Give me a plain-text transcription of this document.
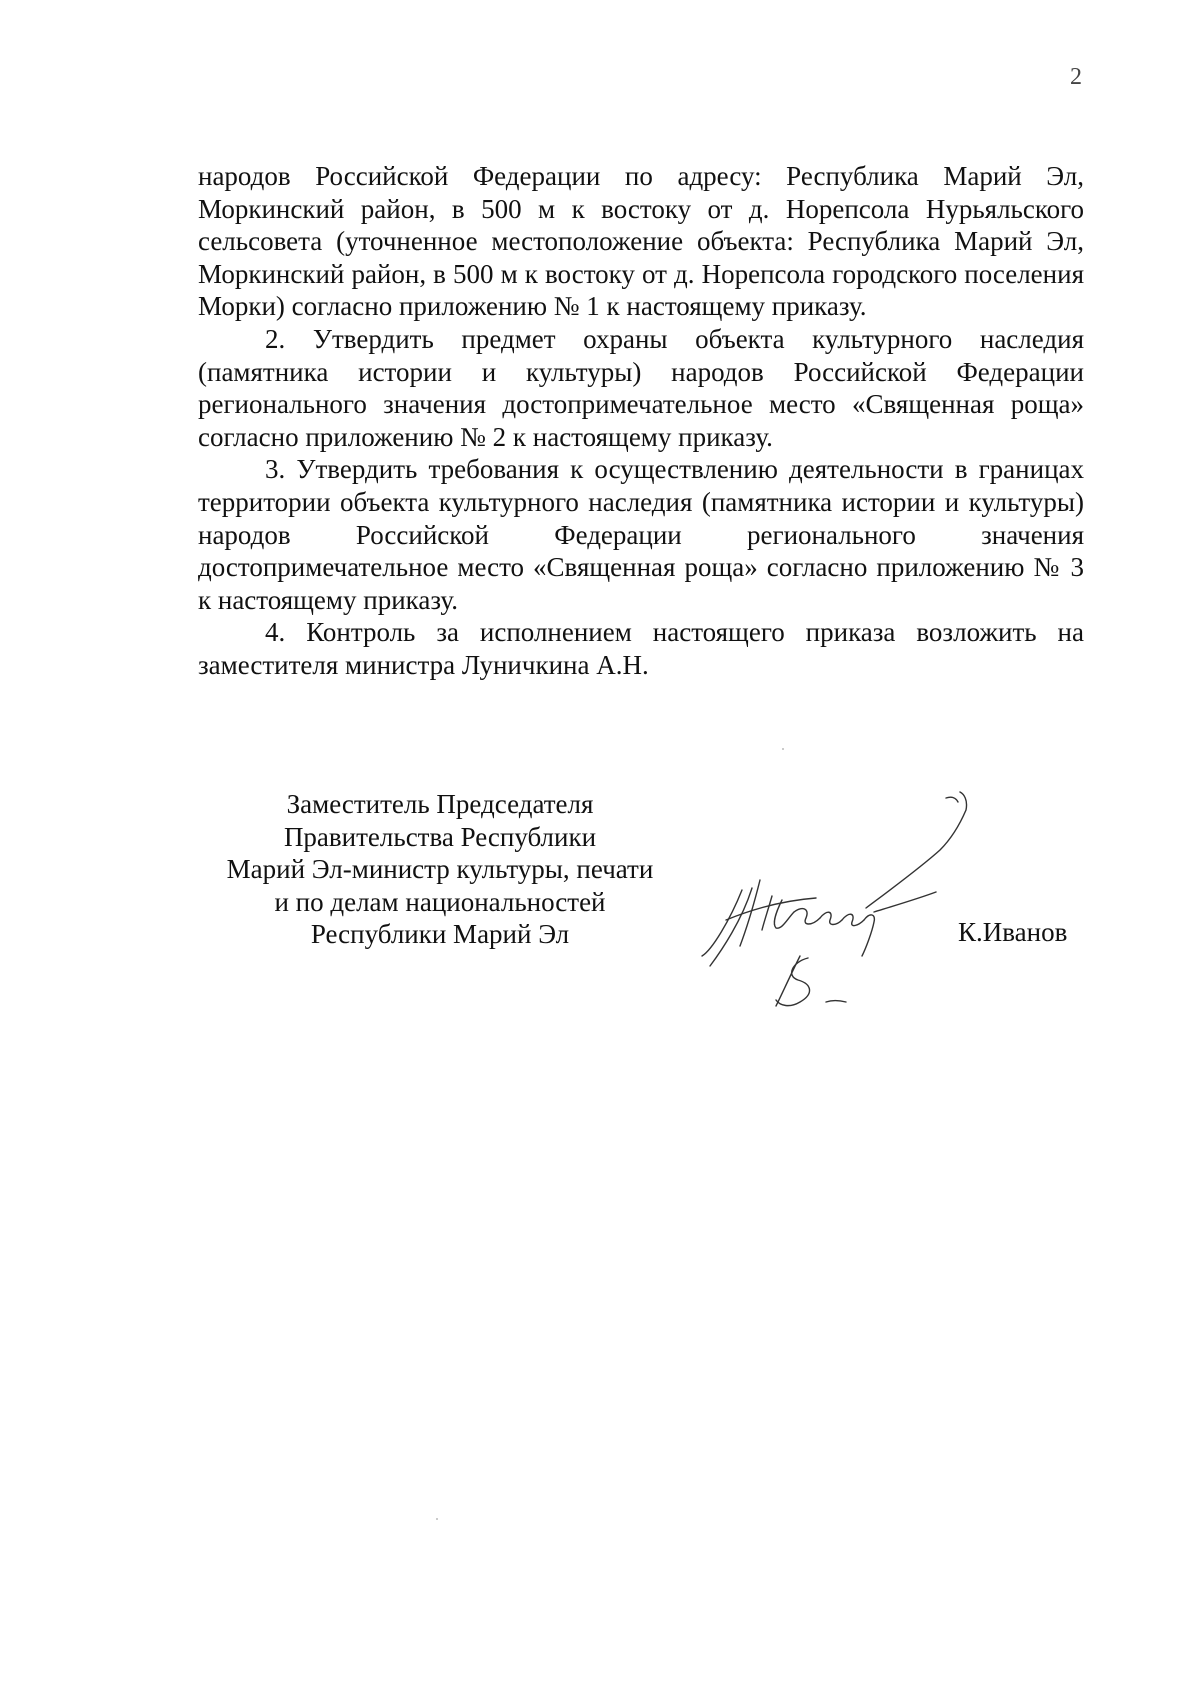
2

народов Российской Федерации по адресу: Республика Марий Эл, Моркинский район, в 500 м к востоку от д. Норепсола Нурьяльского сельсовета (уточненное местоположение объекта: Республика Марий Эл, Моркинский район, в 500 м к востоку от д. Норепсола городского поселения Морки) согласно приложению № 1 к настоящему приказу.

2. Утвердить предмет охраны объекта культурного наследия (памятника истории и культуры) народов Российской Федерации регионального значения достопримечательное место «Священная роща» согласно приложению № 2 к настоящему приказу.

3. Утвердить требования к осуществлению деятельности в границах территории объекта культурного наследия (памятника истории и культуры) народов Российской Федерации регионального значения достопримечательное место «Священная роща» согласно приложению № 3 к настоящему приказу.

4. Контроль за исполнением настоящего приказа возложить на заместителя министра Луничкина А.Н.

Заместитель Председателя
Правительства Республики
Марий Эл-министр культуры, печати
и по делам национальностей
Республики Марий Эл	К.Иванов
